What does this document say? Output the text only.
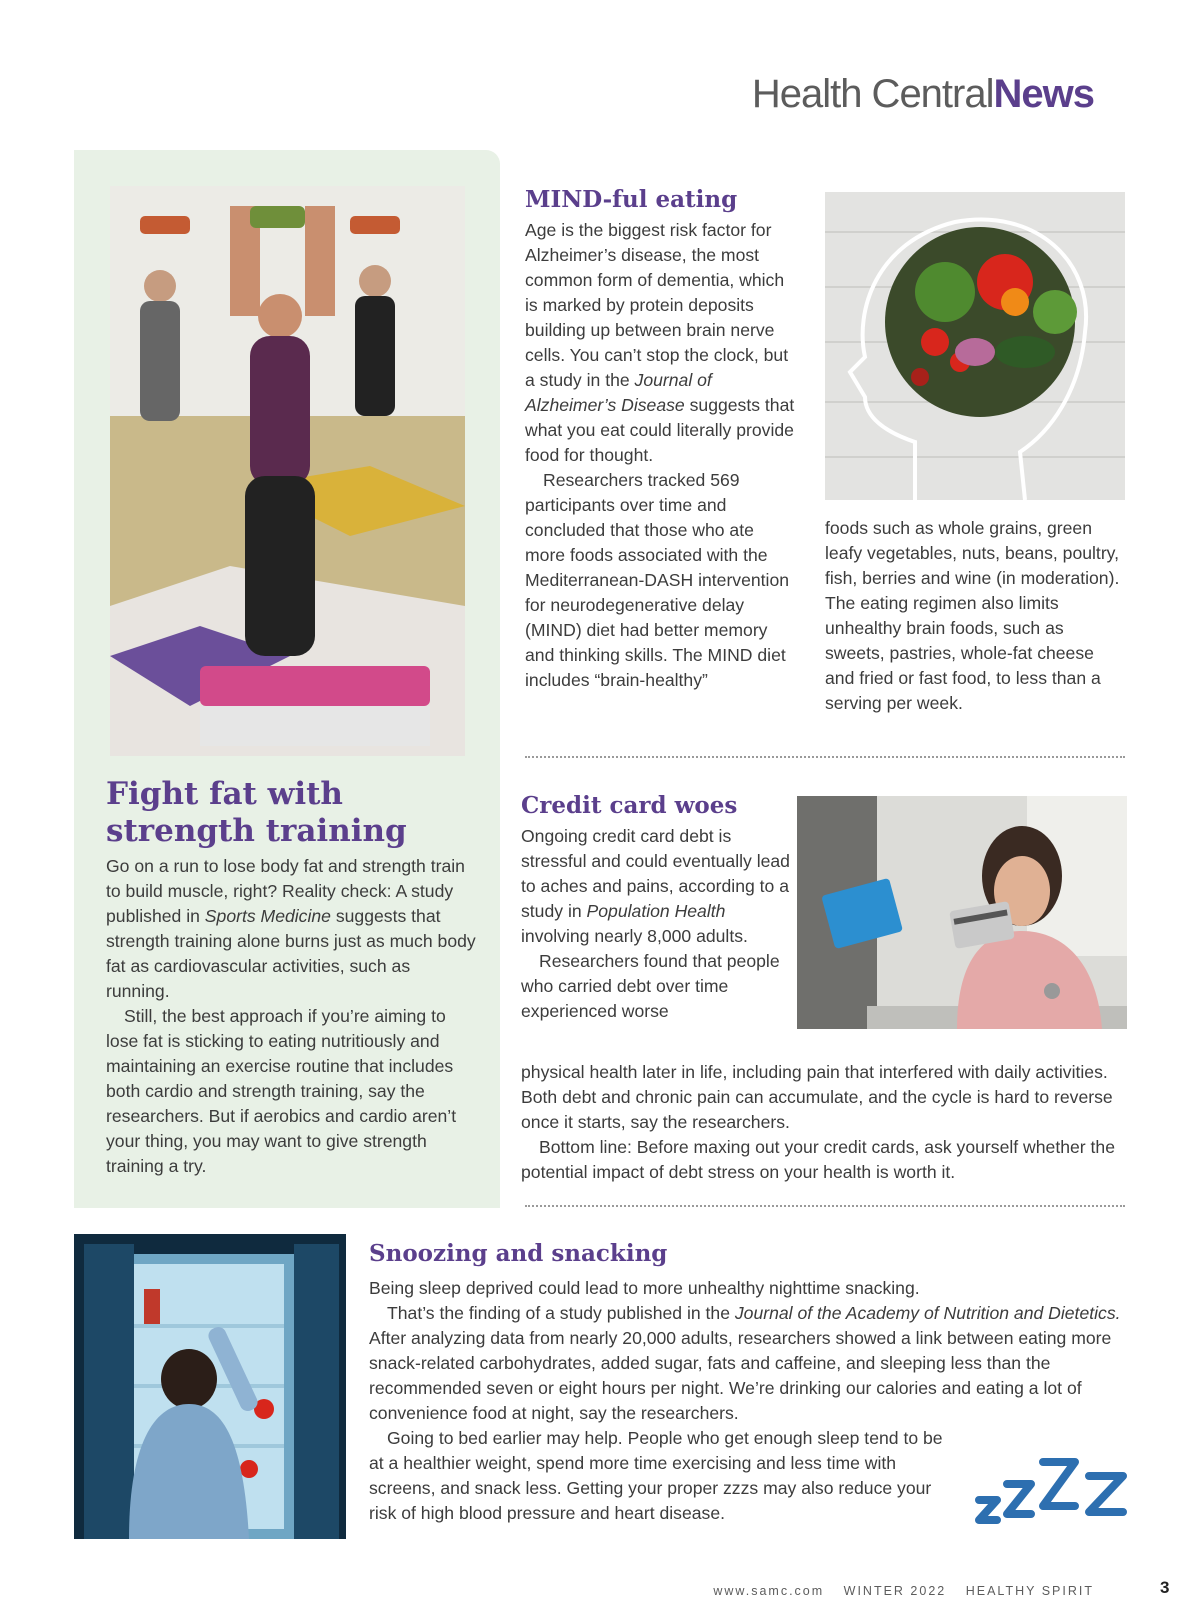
Health CentralNews
Fight fat with
strength training

Go on a run to lose body fat and strength train to build muscle, right? Reality check: A study published in Sports Medicine suggests that strength training alone burns just as much body fat as cardiovascular activities, such as running.

Still, the best approach if you’re aiming to lose fat is sticking to eating nutritiously and maintaining an exercise routine that includes both cardio and strength training, say the researchers. But if aerobics and cardio aren’t your thing, you may want to give strength training a try.

MIND-ful eating

Age is the biggest risk factor for Alzheimer’s disease, the most common form of dementia, which is marked by protein deposits building up between brain nerve cells. You can’t stop the clock, but a study in the Journal of Alzheimer’s Disease suggests that what you eat could literally provide food for thought.

Researchers tracked 569 participants over time and concluded that those who ate more foods associated with the Mediterranean-DASH intervention for neurodegenerative delay (MIND) diet had better memory and thinking skills. The MIND diet includes “brain-healthy”

foods such as whole grains, green leafy vegetables, nuts, beans, poultry, fish, berries and wine (in moderation). The eating regimen also limits unhealthy brain foods, such as sweets, pastries, whole-fat cheese and fried or fast food, to less than a serving per week.

Credit card woes

Ongoing credit card debt is stressful and could eventually lead to aches and pains, according to a study in Population Health involving nearly 8,000 adults.

Researchers found that people who carried debt over time experienced worse

physical health later in life, including pain that interfered with daily activities. Both debt and chronic pain can accumulate, and the cycle is hard to reverse once it starts, say the researchers.

Bottom line: Before maxing out your credit cards, ask yourself whether the potential impact of debt stress on your health is worth it.

Snoozing and snacking

Being sleep deprived could lead to more unhealthy nighttime snacking.

That’s the finding of a study published in the Journal of the Academy of Nutrition and Dietetics. After analyzing data from nearly 20,000 adults, researchers showed a link between eating more snack-related carbohydrates, added sugar, fats and caffeine, and sleeping less than the recommended seven or eight hours per night. We’re drinking our calories and eating a lot of convenience food at night, say the researchers.

Going to bed earlier may help. People who get enough sleep tend to be at a healthier weight, spend more time exercising and less time with screens, and snack less. Getting your proper zzzs may also reduce your risk of high blood pressure and heart disease.

www.samc.com WINTER 2022 HEALTHY SPIRIT	3
